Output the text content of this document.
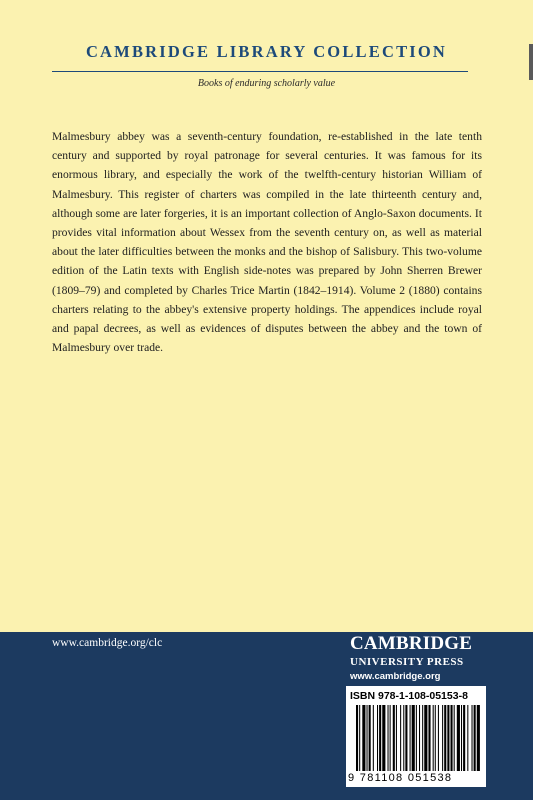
CAMBRIDGE LIBRARY COLLECTION
Books of enduring scholarly value

Malmesbury abbey was a seventh-century foundation, re-established in the late tenth century and supported by royal patronage for several centuries. It was famous for its enormous library, and especially the work of the twelfth-century historian William of Malmesbury. This register of charters was compiled in the late thirteenth century and, although some are later forgeries, it is an important collection of Anglo-Saxon documents. It provides vital information about Wessex from the seventh century on, as well as material about the later difficulties between the monks and the bishop of Salisbury. This two-volume edition of the Latin texts with English side-notes was prepared by John Sherren Brewer (1809–79) and completed by Charles Trice Martin (1842–1914). Volume 2 (1880) contains charters relating to the abbey's extensive property holdings. The appendices include royal and papal decrees, as well as evidences of disputes between the abbey and the town of Malmesbury over trade.

www.cambridge.org/clc	CAMBRIDGE
UNIVERSITY PRESS
www.cambridge.org
ISBN 978-1-108-05153-8
9 781108 051538
